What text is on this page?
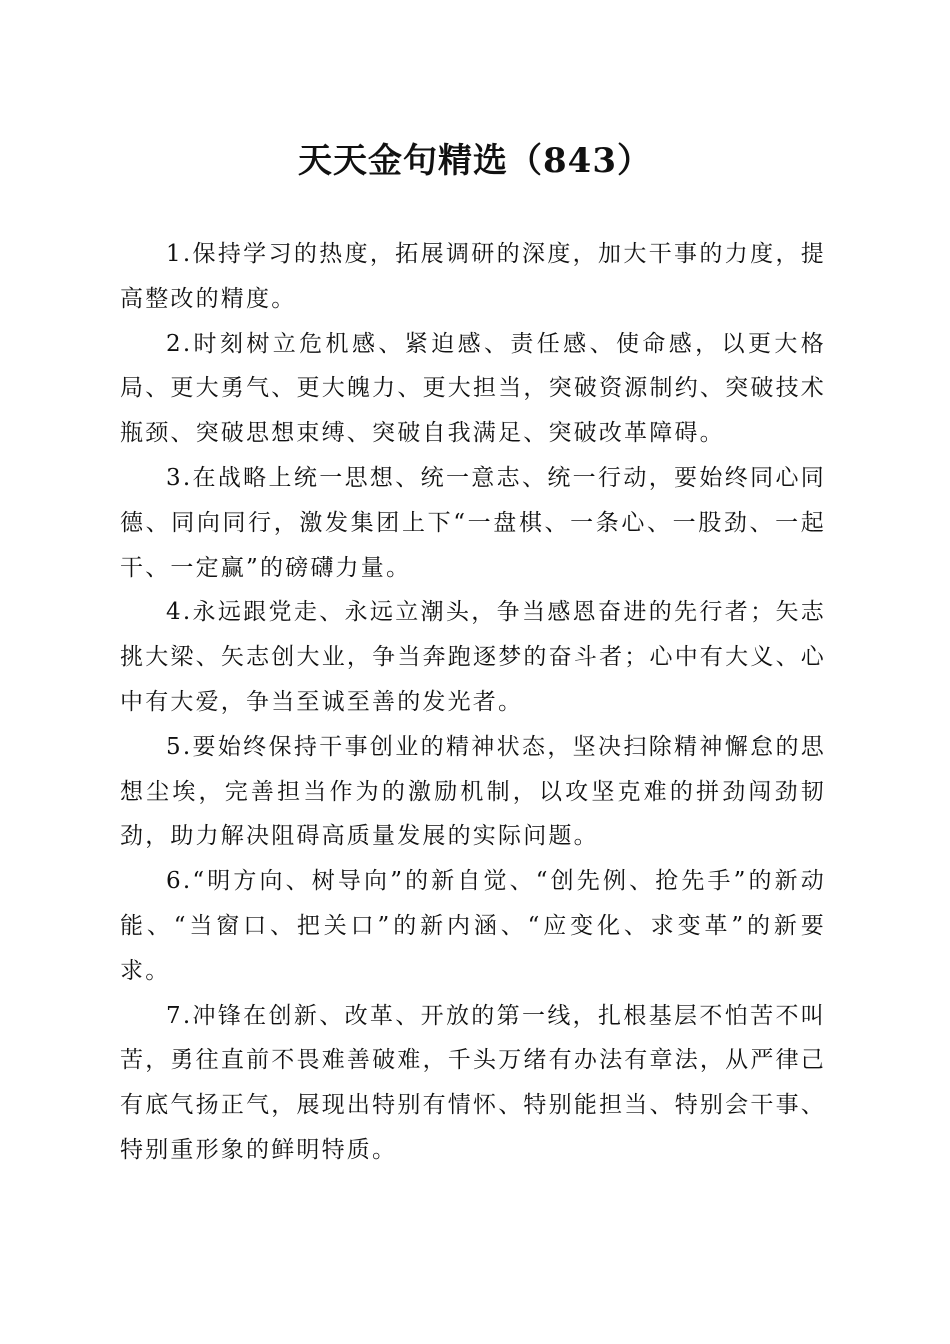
天天金句精选（843）

1.保持学习的热度，拓展调研的深度，加大干事的力度，提高整改的精度。

2.时刻树立危机感、紧迫感、责任感、使命感，以更大格局、更大勇气、更大魄力、更大担当，突破资源制约、突破技术瓶颈、突破思想束缚、突破自我满足、突破改革障碍。

3.在战略上统一思想、统一意志、统一行动，要始终同心同德、同向同行，激发集团上下“一盘棋、一条心、一股劲、一起干、一定赢”的磅礴力量。

4.永远跟党走、永远立潮头，争当感恩奋进的先行者；矢志挑大梁、矢志创大业，争当奔跑逐梦的奋斗者；心中有大义、心中有大爱，争当至诚至善的发光者。

5.要始终保持干事创业的精神状态，坚决扫除精神懈怠的思想尘埃，完善担当作为的激励机制，以攻坚克难的拼劲闯劲韧劲，助力解决阻碍高质量发展的实际问题。

6.“明方向、树导向”的新自觉、“创先例、抢先手”的新动能、“当窗口、把关口”的新内涵、“应变化、求变革”的新要求。

7.冲锋在创新、改革、开放的第一线，扎根基层不怕苦不叫苦，勇往直前不畏难善破难，千头万绪有办法有章法，从严律己有底气扬正气，展现出特别有情怀、特别能担当、特别会干事、特别重形象的鲜明特质。
